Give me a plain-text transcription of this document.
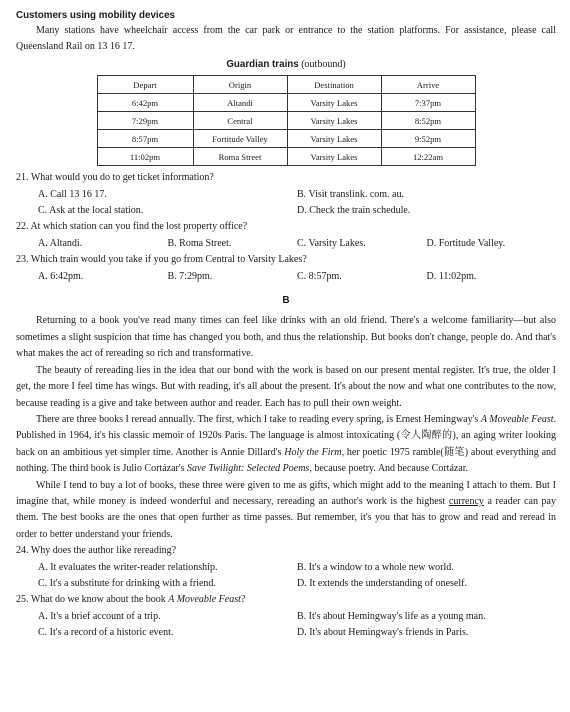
Customers using mobility devices

Many stations have wheelchair access from the car park or entrance to the station platforms. For assistance, please call Queensland Rail on 13 16 17.

Guardian trains (outbound)
Depart	Origin	Destination	Arrive
6:42pm	Altandi	Varsity Lakes	7:37pm
7:29pm	Central	Varsity Lakes	8:52pm
8:57pm	Fortitude Valley	Varsity Lakes	9:52pm
11:02pm	Roma Street	Varsity Lakes	12:22am
21. What would you do to get ticket information?
A. Call 13 16 17.	B. Visit translink. com. au.
C. Ask at the local station.	D. Check the train schedule.
22. At which station can you find the lost property office?
A. Altandi.	B. Roma Street.	C. Varsity Lakes.	D. Fortitude Valley.
23. Which train would you take if you go from Central to Varsity Lakes?
A. 6:42pm.	B. 7:29pm.	C. 8:57pm.	D. 11:02pm.
B

Returning to a book you've read many times can feel like drinks with an old friend. There's a welcome familiarity—but also sometimes a slight suspicion that time has changed you both, and thus the relationship. But books don't change, people do. And that's what makes the act of rereading so rich and transformative.

The beauty of rereading lies in the idea that our bond with the work is based on our present mental register. It's true, the older I get, the more I feel time has wings. But with reading, it's all about the present. It's about the now and what one contributes to the now, because reading is a give and take between author and reader. Each has to pull their own weight.

There are three books I reread annually. The first, which I take to reading every spring, is Ernest Hemingway's A Moveable Feast. Published in 1964, it's his classic memoir of 1920s Paris. The language is almost intoxicating (令人陶醉的), an aging writer looking back on an ambitious yet simpler time. Another is Annie Dillard's Holy the Firm, her poetic 1975 ramble(随笔) about everything and nothing. The third book is Julio Cortázar's Save Twilight: Selected Poems, because poetry. And because Cortázar.

While I tend to buy a lot of books, these three were given to me as gifts, which might add to the meaning I attach to them. But I imagine that, while money is indeed wonderful and necessary, rereading an author's work is the highest currency a reader can pay them. The best books are the ones that open further as time passes. But remember, it's you that has to grow and read and reread in order to better understand your friends.

24. Why does the author like rereading?
A. It evaluates the writer-reader relationship.	B. It's a window to a whole new world.
C. It's a substitute for drinking with a friend.	D. It extends the understanding of oneself.
25. What do we know about the book A Moveable Feast?
A. It's a brief account of a trip.	B. It's about Hemingway's life as a young man.
C. It's a record of a historic event.	D. It's about Hemingway's friends in Paris.
